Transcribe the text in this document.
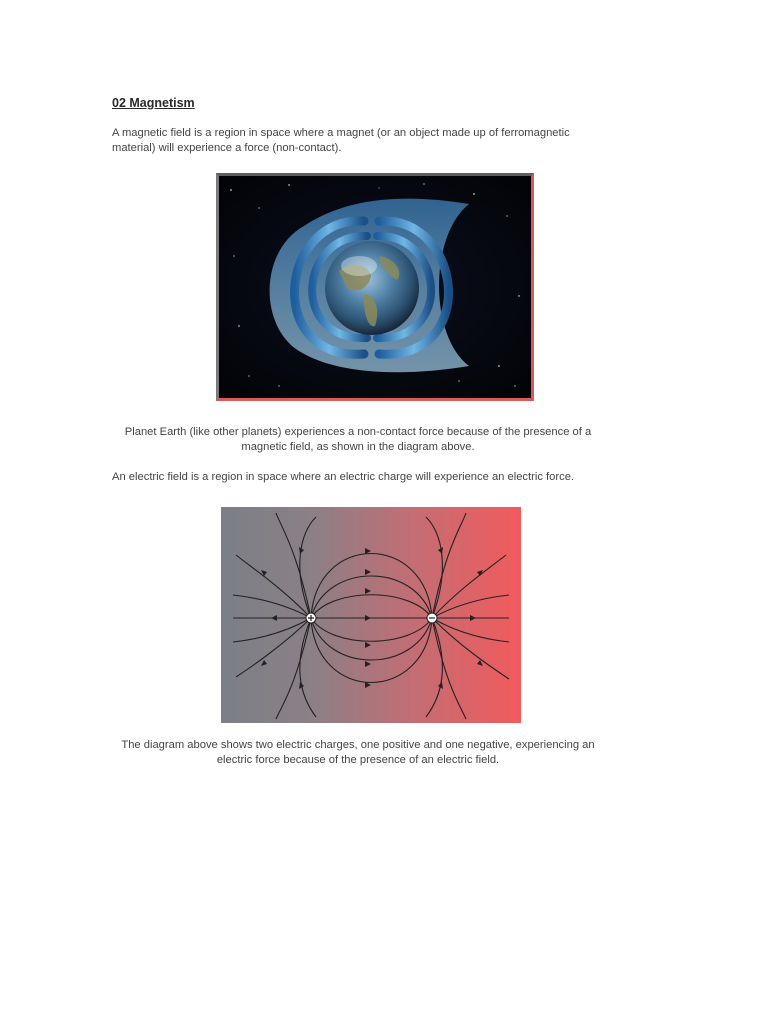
02 Magnetism
A magnetic field is a region in space where a magnet (or an object made up of ferromagnetic material) will experience a force (non-contact).
Planet Earth (like other planets) experiences a non-contact force because of the presence of a magnetic field, as shown in the diagram above.
An electric field is a region in space where an electric charge will experience an electric force.
The diagram above shows two electric charges, one positive and one negative, experiencing an electric force because of the presence of an electric field.
